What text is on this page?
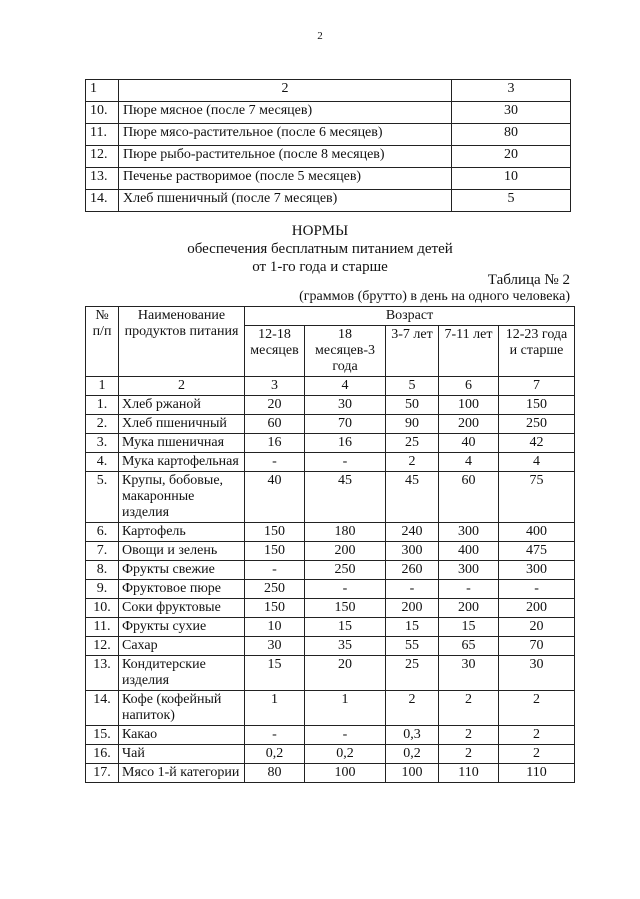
2
1	2	3
10.	Пюре мясное (после 7 месяцев)	30
11.	Пюре мясо-растительное (после 6 месяцев)	80
12.	Пюре рыбо-растительное (после 8 месяцев)	20
13.	Печенье растворимое (после 5 месяцев)	10
14.	Хлеб пшеничный (после 7 месяцев)	5
НОРМЫ
обеспечения бесплатным питанием детей
от 1-го года и старше
Таблица № 2
(граммов (брутто) в день на одного человека)
№ п/п	Наименование продуктов питания	Возраст				
		12-18 месяцев	18 месяцев-3 года	3-7 лет	7-11 лет	12-23 года и старше
1	2	3	4	5	6	7
1.	Хлеб ржаной	20	30	50	100	150
2.	Хлеб пшеничный	60	70	90	200	250
3.	Мука пшеничная	16	16	25	40	42
4.	Мука картофельная	-	-	2	4	4
5.	Крупы, бобовые, макаронные изделия	40	45	45	60	75
6.	Картофель	150	180	240	300	400
7.	Овощи и зелень	150	200	300	400	475
8.	Фрукты свежие	-	250	260	300	300
9.	Фруктовое пюре	250	-	-	-	-
10.	Соки фруктовые	150	150	200	200	200
11.	Фрукты сухие	10	15	15	15	20
12.	Сахар	30	35	55	65	70
13.	Кондитерские изделия	15	20	25	30	30
14.	Кофе (кофейный напиток)	1	1	2	2	2
15.	Какао	-	-	0,3	2	2
16.	Чай	0,2	0,2	0,2	2	2
17.	Мясо 1-й категории	80	100	100	110	110
